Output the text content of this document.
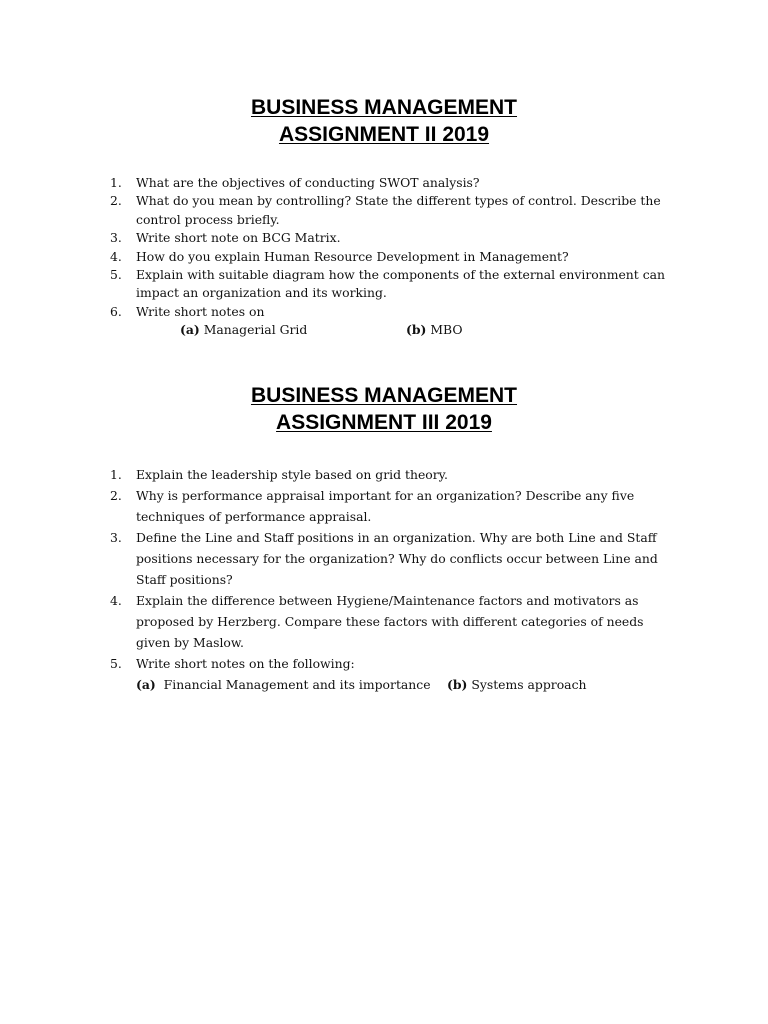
BUSINESS MANAGEMENT
ASSIGNMENT II 2019
1. What are the objectives of conducting SWOT analysis?
2. What do you mean by controlling? State the different types of control. Describe the control process briefly.
3. Write short note on BCG Matrix.
4. How do you explain Human Resource Development in Management?
5. Explain with suitable diagram how the components of the external environment can impact an organization and its working.
6. Write short notes on
(a) Managerial Grid	(b) MBO
BUSINESS MANAGEMENT
ASSIGNMENT III 2019
1. Explain the leadership style based on grid theory.
2. Why is performance appraisal important for an organization? Describe any five techniques of performance appraisal.
3. Define the Line and Staff positions in an organization. Why are both Line and Staff positions necessary for the organization? Why do conflicts occur between Line and Staff positions?
4. Explain the difference between Hygiene/Maintenance factors and motivators as proposed by Herzberg. Compare these factors with different categories of needs given by Maslow.
5. Write short notes on the following:
(a) Financial Management and its importance (b) Systems approach
